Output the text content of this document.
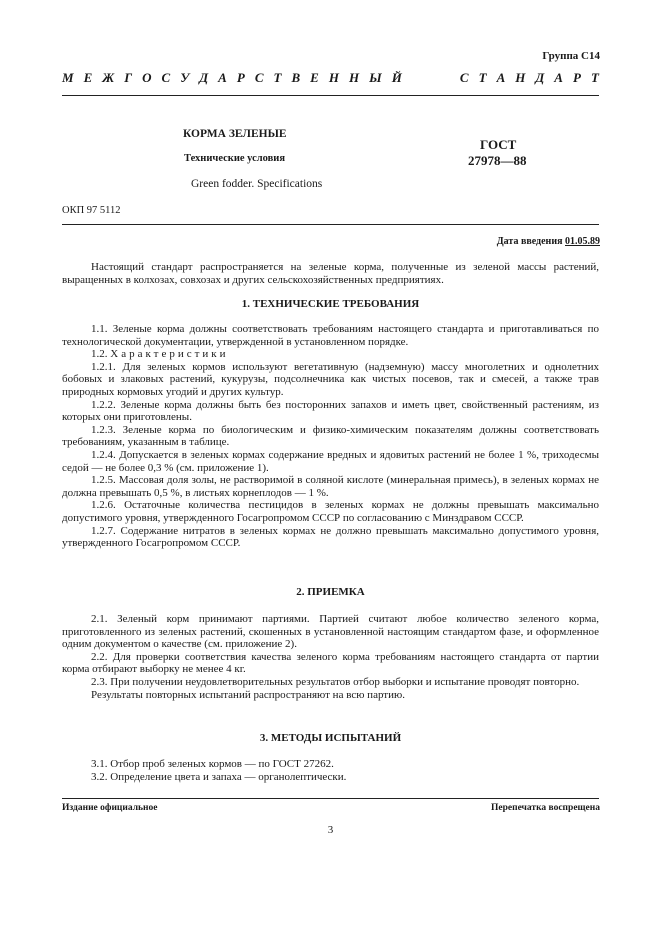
Группа С14
М Е Ж Г О С У Д А Р С Т В Е Н Н Ы Й	С Т А Н Д А Р Т
КОРМА ЗЕЛЕНЫЕ
Технические условия
Green fodder. Specifications
ГОСТ
27978—88
ОКП 97 5112
Дата введения 01.05.89

Настоящий стандарт распространяется на зеленые корма, полученные из зеленой массы растений, выращенных в колхозах, совхозах и других сельскохозяйственных предприятиях.

1. ТЕХНИЧЕСКИЕ ТРЕБОВАНИЯ

1.1. Зеленые корма должны соответствовать требованиям настоящего стандарта и приготавливаться по технологической документации, утвержденной в установленном порядке.

1.2. Характеристики

1.2.1. Для зеленых кормов используют вегетативную (надземную) массу многолетних и однолетних бобовых и злаковых растений, кукурузы, подсолнечника как чистых посевов, так и смесей, а также трав природных кормовых угодий и других культур.

1.2.2. Зеленые корма должны быть без посторонних запахов и иметь цвет, свойственный растениям, из которых они приготовлены.

1.2.3. Зеленые корма по биологическим и физико-химическим показателям должны соответствовать требованиям, указанным в таблице.

1.2.4. Допускается в зеленых кормах содержание вредных и ядовитых растений не более 1 %, триходесмы седой — не более 0,3 % (см. приложение 1).

1.2.5. Массовая доля золы, не растворимой в соляной кислоте (минеральная примесь), в зеленых кормах не должна превышать 0,5 %, в листьях корнеплодов — 1 %.

1.2.6. Остаточные количества пестицидов в зеленых кормах не должны превышать максимально допустимого уровня, утвержденного Госагропромом СССР по согласованию с Минздравом СССР.

1.2.7. Содержание нитратов в зеленых кормах не должно превышать максимально допустимого уровня, утвержденного Госагропромом СССР.

2. ПРИЕМКА

2.1. Зеленый корм принимают партиями. Партией считают любое количество зеленого корма, приготовленного из зеленых растений, скошенных в установленной настоящим стандартом фазе, и оформленное одним документом о качестве (см. приложение 2).

2.2. Для проверки соответствия качества зеленого корма требованиям настоящего стандарта от партии корма отбирают выборку не менее 4 кг.

2.3. При получении неудовлетворительных результатов отбор выборки и испытание проводят повторно.

Результаты повторных испытаний распространяют на всю партию.

3. МЕТОДЫ ИСПЫТАНИЙ

3.1. Отбор проб зеленых кормов — по ГОСТ 27262.

3.2. Определение цвета и запаха — органолептически.

Издание официальное	Перепечатка воспрещена
3
